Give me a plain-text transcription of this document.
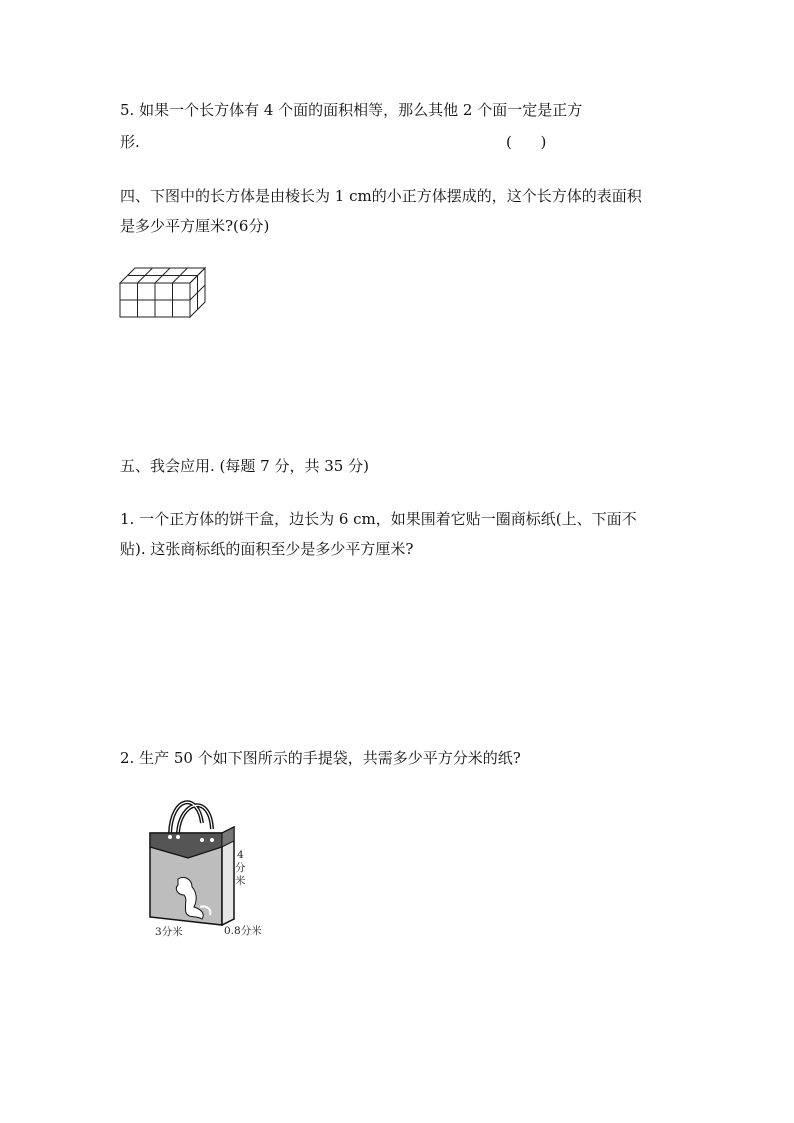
5. 如果一个长方体有 4 个面的面积相等，那么其他 2 个面一定是正方
形.	(      )
四、下图中的长方体是由棱长为 1 cm的小正方体摆成的，这个长方体的表面积
是多少平方厘米?(6分)
五、我会应用. (每题 7 分，共 35 分)
1. 一个正方体的饼干盒，边长为 6 cm，如果围着它贴一圈商标纸(上、下面不
贴). 这张商标纸的面积至少是多少平方厘米?
2. 生产 50 个如下图所示的手提袋，共需多少平方分米的纸?
4
分
米
3分米	0.8分米
